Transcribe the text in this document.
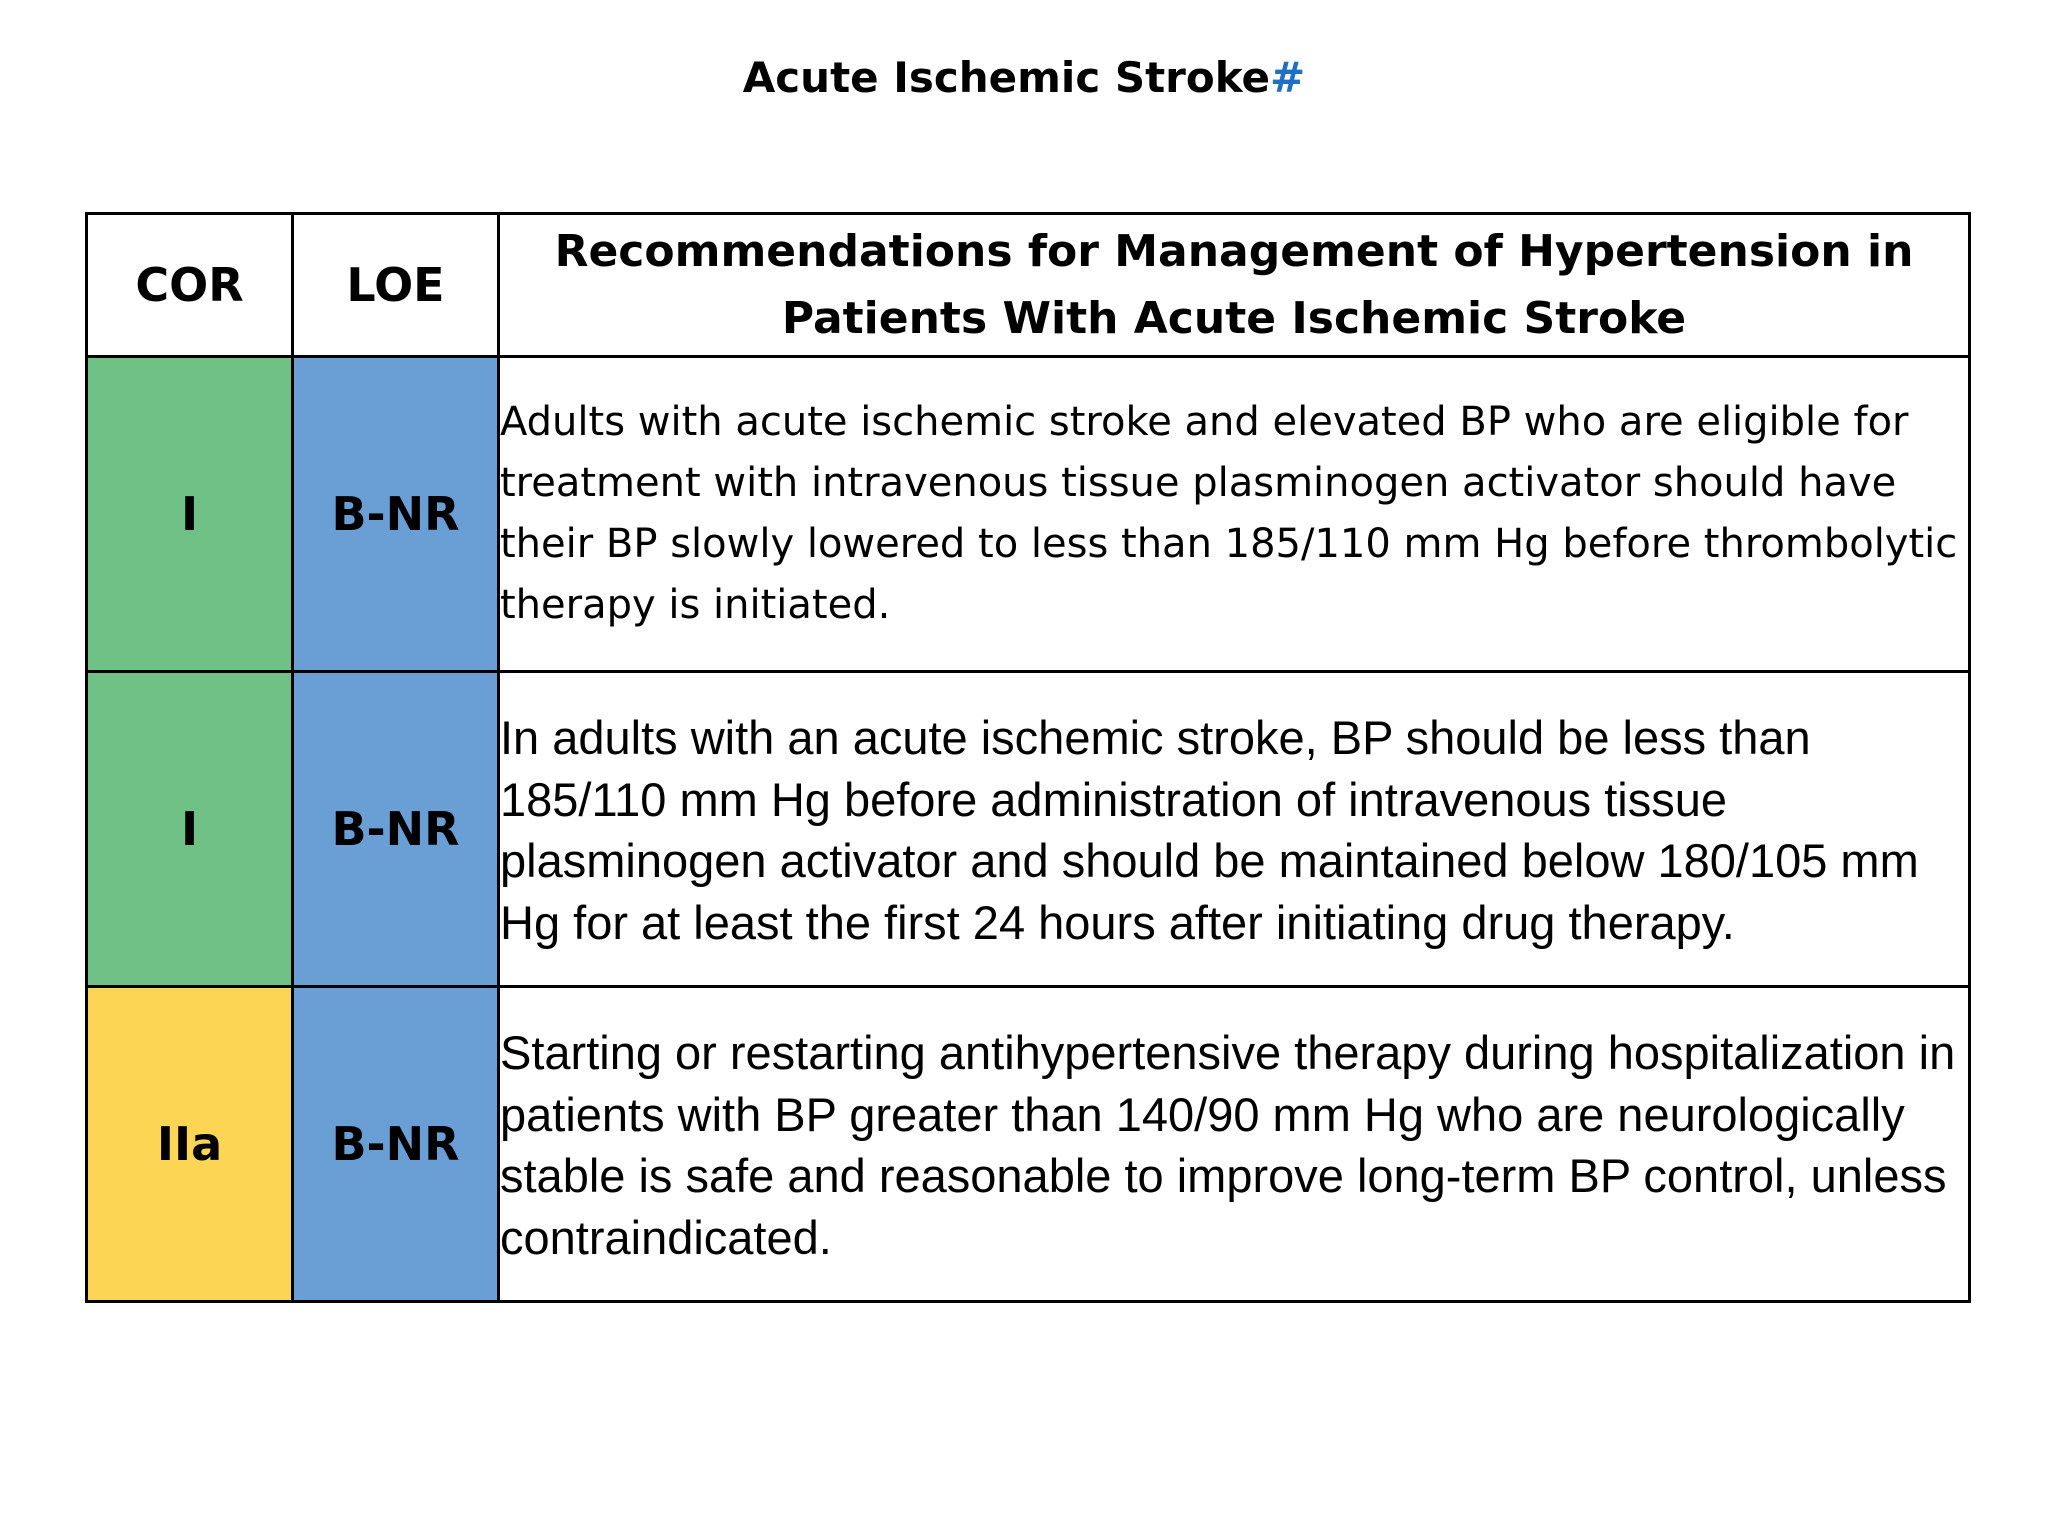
Acute Ischemic Stroke#
COR	LOE	Recommendations for Management of Hypertension in Patients With Acute Ischemic Stroke
I	B-NR	Adults with acute ischemic stroke and elevated BP who are eligible for treatment with intravenous tissue plasminogen activator should have their BP slowly lowered to less than 185/110 mm Hg before thrombolytic therapy is initiated.
I	B-NR	In adults with an acute ischemic stroke, BP should be less than 185/110 mm Hg before administration of intravenous tissue plasminogen activator and should be maintained below 180/105 mm Hg for at least the first 24 hours after initiating drug therapy.
IIa	B-NR	Starting or restarting antihypertensive therapy during hospitalization in patients with BP greater than 140/90 mm Hg who are neurologically stable is safe and reasonable to improve long-term BP control, unless contraindicated.
